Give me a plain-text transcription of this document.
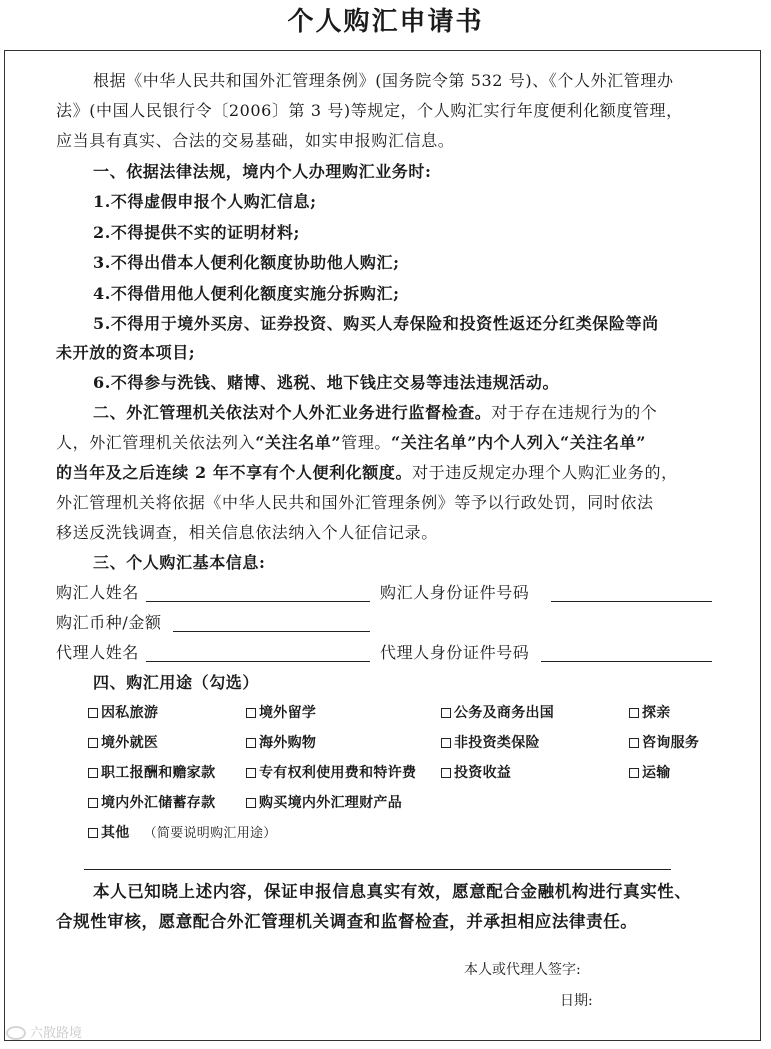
个人购汇申请书
根据《中华人民共和国外汇管理条例》(国务院令第 532 号)、《个人外汇管理办
法》(中国人民银行令〔2006〕第 3 号)等规定，个人购汇实行年度便利化额度管理，
应当具有真实、合法的交易基础，如实申报购汇信息。
一、依据法律法规，境内个人办理购汇业务时:
1.不得虚假申报个人购汇信息;
2.不得提供不实的证明材料;
3.不得出借本人便利化额度协助他人购汇;
4.不得借用他人便利化额度实施分拆购汇;
5.不得用于境外买房、证券投资、购买人寿保险和投资性返还分红类保险等尚
未开放的资本项目;
6.不得参与洗钱、赌博、逃税、地下钱庄交易等违法违规活动。
二、外汇管理机关依法对个人外汇业务进行监督检查。对于存在违规行为的个
人，外汇管理机关依法列入“关注名单”管理。“关注名单”内个人列入“关注名单”
的当年及之后连续 2 年不享有个人便利化额度。对于违反规定办理个人购汇业务的，
外汇管理机关将依据《中华人民共和国外汇管理条例》等予以行政处罚，同时依法
移送反洗钱调查，相关信息依法纳入个人征信记录。
三、个人购汇基本信息:
购汇人姓名	购汇人身份证件号码
购汇币种/金额
代理人姓名	代理人身份证件号码
四、购汇用途（勾选）
因私旅游	境外留学	公务及商务出国	探亲
境外就医	海外购物	非投资类保险	咨询服务
职工报酬和赡家款	专有权利使用费和特许费	投资收益	运输
境内外汇储蓄存款	购买境内外汇理财产品
其他 （简要说明购汇用途）
本人已知晓上述内容，保证申报信息真实有效，愿意配合金融机构进行真实性、
合规性审核，愿意配合外汇管理机关调查和监督检查，并承担相应法律责任。
本人或代理人签字:
日期:
六散路境
